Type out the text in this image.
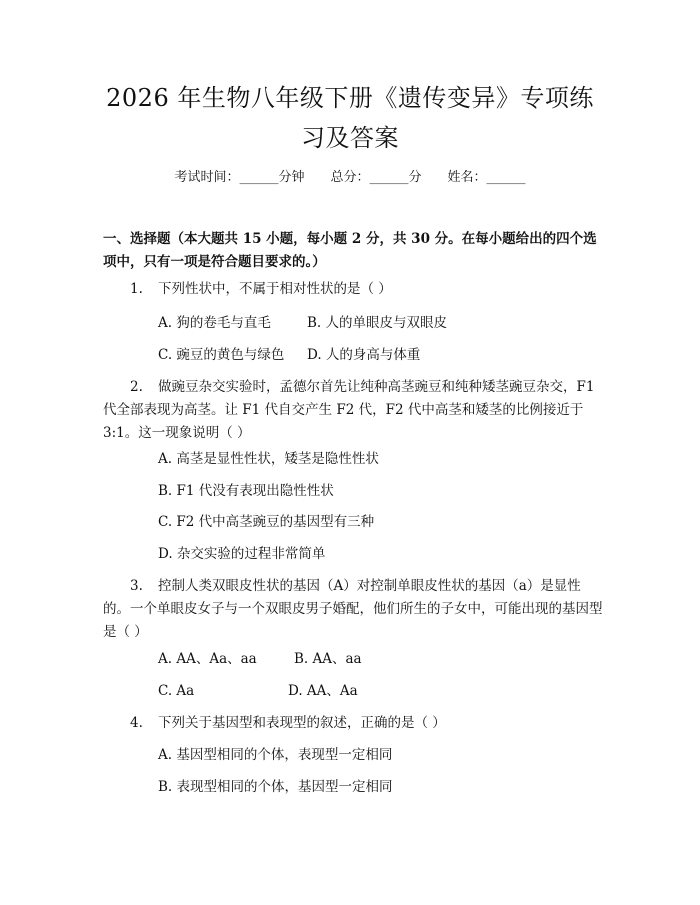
2026 年生物八年级下册《遗传变异》专项练
习及答案
考试时间：______分钟 总分：______分 姓名：______
一、选择题（本大题共 15 小题，每小题 2 分，共 30 分。在每小题给出的四个选项中，只有一项是符合题目要求的。）
1. 下列性状中，不属于相对性状的是（ ）
A. 狗的卷毛与直毛	B. 人的单眼皮与双眼皮
C. 豌豆的黄色与绿色 D. 人的身高与体重
2. 做豌豆杂交实验时，孟德尔首先让纯种高茎豌豆和纯种矮茎豌豆杂交，F1 代全部表现为高茎。让 F1 代自交产生 F2 代，F2 代中高茎和矮茎的比例接近于 3:1。这一现象说明（ ）
A. 高茎是显性性状，矮茎是隐性性状
B. F1 代没有表现出隐性性状
C. F2 代中高茎豌豆的基因型有三种
D. 杂交实验的过程非常简单
3. 控制人类双眼皮性状的基因（A）对控制单眼皮性状的基因（a）是显性的。一个单眼皮女子与一个双眼皮男子婚配，他们所生的子女中，可能出现的基因型是（ ）
A. AA、Aa、aa	B. AA、aa
C. Aa	D. AA、Aa
4. 下列关于基因型和表现型的叙述，正确的是（ ）
A. 基因型相同的个体，表现型一定相同
B. 表现型相同的个体，基因型一定相同
